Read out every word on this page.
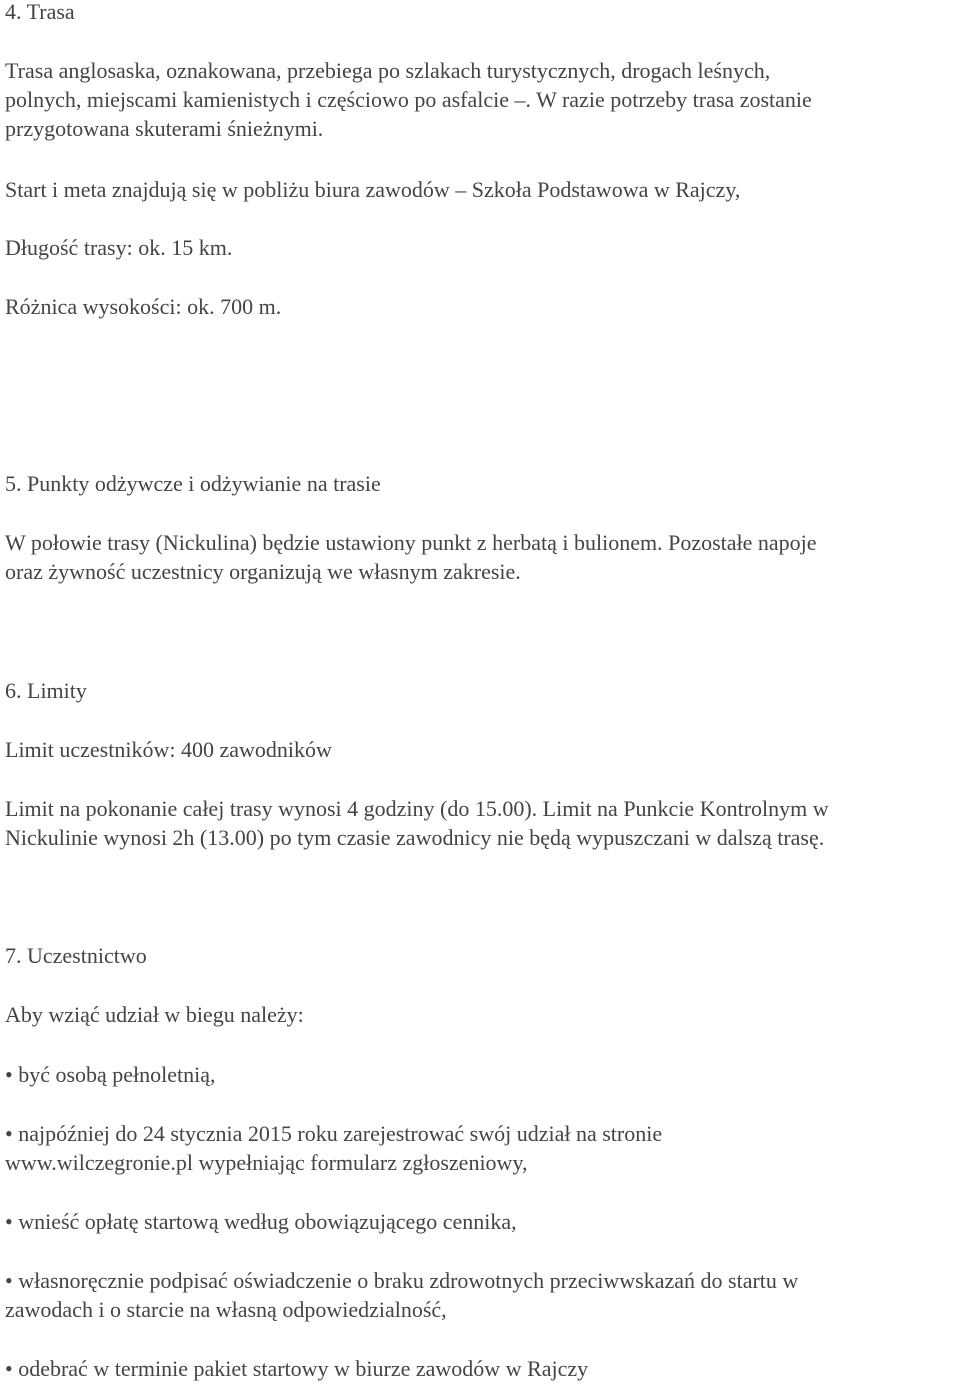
4. Trasa
Trasa anglosaska, oznakowana, przebiega po szlakach turystycznych, drogach leśnych,
polnych, miejscami kamienistych i częściowo po asfalcie –. W razie potrzeby trasa zostanie
przygotowana skuterami śnieżnymi.
Start i meta znajdują się w pobliżu biura zawodów – Szkoła Podstawowa w Rajczy,
Długość trasy: ok. 15 km.
Różnica wysokości: ok. 700 m.
5. Punkty odżywcze i odżywianie na trasie
W połowie trasy (Nickulina) będzie ustawiony punkt z herbatą i bulionem. Pozostałe napoje
oraz żywność uczestnicy organizują we własnym zakresie.
6. Limity
Limit uczestników: 400 zawodników
Limit na pokonanie całej trasy wynosi 4 godziny (do 15.00). Limit na Punkcie Kontrolnym w
Nickulinie wynosi 2h (13.00) po tym czasie zawodnicy nie będą wypuszczani w dalszą trasę.
7. Uczestnictwo
Aby wziąć udział w biegu należy:
• być osobą pełnoletnią,
• najpóźniej do 24 stycznia 2015 roku zarejestrować swój udział na stronie
www.wilczegronie.pl wypełniając formularz zgłoszeniowy,
• wnieść opłatę startową według obowiązującego cennika,
• własnoręcznie podpisać oświadczenie o braku zdrowotnych przeciwwskazań do startu w
zawodach i o starcie na własną odpowiedzialność,
• odebrać w terminie pakiet startowy w biurze zawodów w Rajczy
